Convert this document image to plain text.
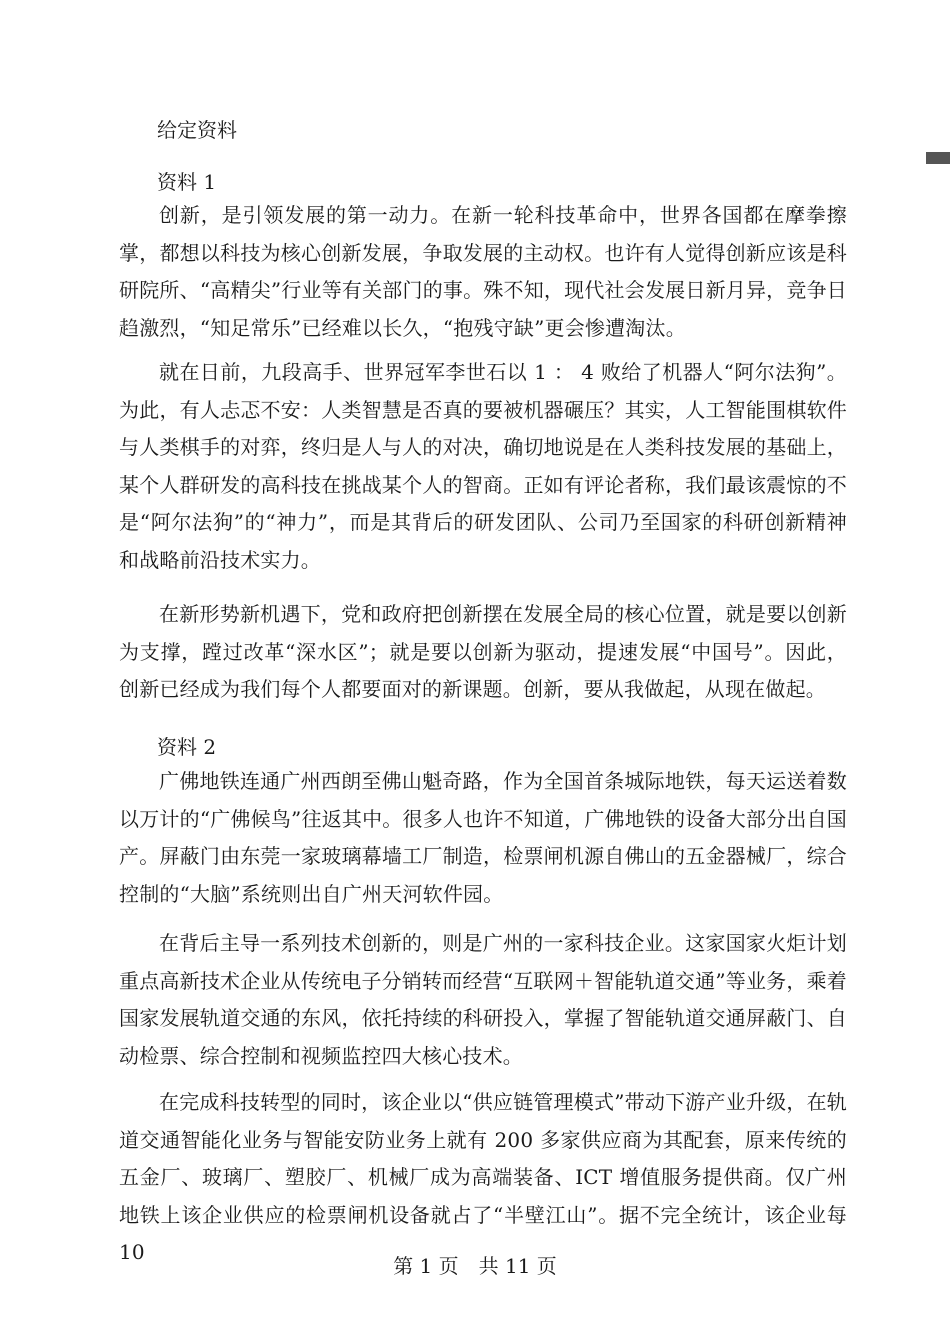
给定资料
资料 1
创新，是引领发展的第一动力。在新一轮科技革命中，世界各国都在摩拳擦掌，都想以科技为核心创新发展，争取发展的主动权。也许有人觉得创新应该是科研院所、“高精尖”行业等有关部门的事。殊不知，现代社会发展日新月异，竞争日趋激烈，“知足常乐”已经难以长久，“抱残守缺”更会惨遭淘汰。
就在日前，九段高手、世界冠军李世石以 1 ： 4 败给了机器人“阿尔法狗”。为此，有人忐忑不安：人类智慧是否真的要被机器碾压？其实，人工智能围棋软件与人类棋手的对弈，终归是人与人的对决，确切地说是在人类科技发展的基础上，某个人群研发的高科技在挑战某个人的智商。正如有评论者称，我们最该震惊的不是“阿尔法狗”的“神力”，而是其背后的研发团队、公司乃至国家的科研创新精神和战略前沿技术实力。
在新形势新机遇下，党和政府把创新摆在发展全局的核心位置，就是要以创新为支撑，蹚过改革“深水区”；就是要以创新为驱动，提速发展“中国号”。因此，创新已经成为我们每个人都要面对的新课题。创新，要从我做起，从现在做起。
资料 2
广佛地铁连通广州西朗至佛山魁奇路，作为全国首条城际地铁，每天运送着数以万计的“广佛候鸟”往返其中。很多人也许不知道，广佛地铁的设备大部分出自国产。屏蔽门由东莞一家玻璃幕墙工厂制造，检票闸机源自佛山的五金器械厂，综合控制的“大脑”系统则出自广州天河软件园。
在背后主导一系列技术创新的，则是广州的一家科技企业。这家国家火炬计划重点高新技术企业从传统电子分销转而经营“互联网＋智能轨道交通”等业务，乘着国家发展轨道交通的东风，依托持续的科研投入，掌握了智能轨道交通屏蔽门、自动检票、综合控制和视频监控四大核心技术。
在完成科技转型的同时，该企业以“供应链管理模式”带动下游产业升级，在轨道交通智能化业务与智能安防业务上就有 200 多家供应商为其配套，原来传统的五金厂、玻璃厂、塑胶厂、机械厂成为高端装备、ICT 增值服务提供商。仅广州地铁上该企业供应的检票闸机设备就占了“半壁江山”。据不完全统计，该企业每 10
第 1 页　共 11 页
